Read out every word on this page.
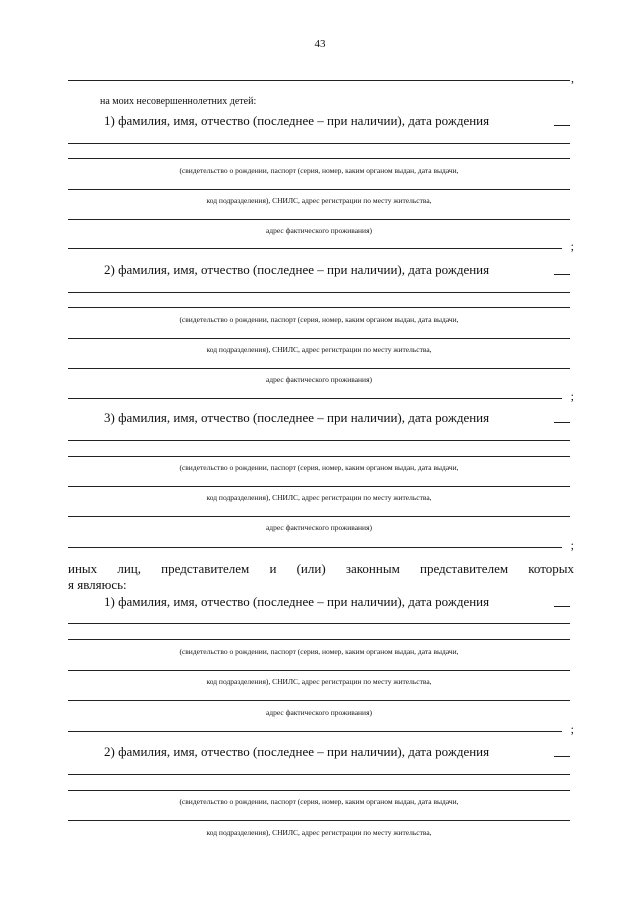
43
,
на моих несовершеннолетних детей:
1) фамилия, имя, отчество (последнее – при наличии), дата рождения
(свидетельство о рождении, паспорт (серия, номер, каким органом выдан, дата выдачи,
код подразделения), СНИЛС, адрес регистрации по месту жительства,
адрес фактического проживания)
;
2) фамилия, имя, отчество (последнее – при наличии), дата рождения
(свидетельство о рождении, паспорт (серия, номер, каким органом выдан, дата выдачи,
код подразделения), СНИЛС, адрес регистрации по месту жительства,
адрес фактического проживания)
;
3) фамилия, имя, отчество (последнее – при наличии), дата рождения
(свидетельство о рождении, паспорт (серия, номер, каким органом выдан, дата выдачи,
код подразделения), СНИЛС, адрес регистрации по месту жительства,
адрес фактического проживания)
;
иных лиц, представителем и (или) законным представителем которых
я являюсь:
1) фамилия, имя, отчество (последнее – при наличии), дата рождения
(свидетельство о рождении, паспорт (серия, номер, каким органом выдан, дата выдачи,
код подразделения), СНИЛС, адрес регистрации по месту жительства,
адрес фактического проживания)
;
2) фамилия, имя, отчество (последнее – при наличии), дата рождения
(свидетельство о рождении, паспорт (серия, номер, каким органом выдан, дата выдачи,
код подразделения), СНИЛС, адрес регистрации по месту жительства,
